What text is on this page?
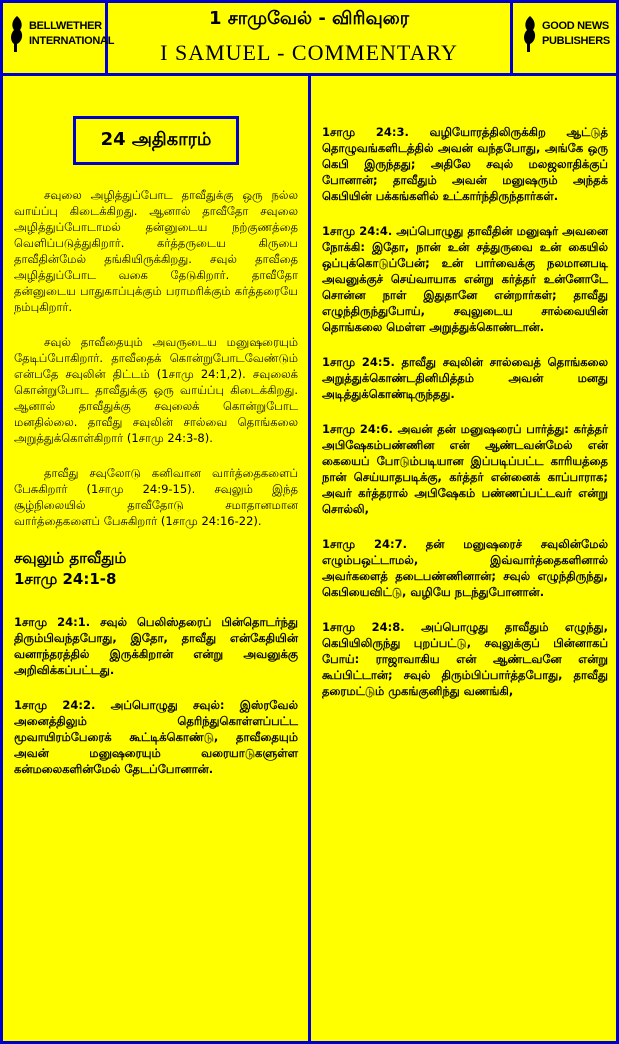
BELLWETHER
INTERNATIONAL
1 சாமுவேல் - விரிவுரை
I SAMUEL - COMMENTARY
GOOD NEWS
PUBLISHERS
24 அதிகாரம்

சவுலை அழித்துப்போட தாவீதுக்கு ஒரு நல்ல வாய்ப்பு கிடைக்கிறது. ஆனால் தாவீதோ சவுலை அழித்துப்போடாமல் தன்னுடைய நற்குணத்தை வெளிப்படுத்துகிறார். கர்த்தருடைய கிருபை தாவீதின்மேல் தங்கியிருக்கிறது. சவுல் தாவீதை அழித்துப்போட வகை தேடுகிறார். தாவீதோ தன்னுடைய பாதுகாப்புக்கும் பராமரிக்கும் கர்த்தரையே நம்புகிறார்.

சவுல் தாவீதையும் அவருடைய மனுஷரையும் தேடிப்போகிறார். தாவீதைக் கொன்றுபோடவேண்டும் என்பதே சவுலின் திட்டம் (1சாமு 24:1,2). சவுலைக் கொன்றுபோட தாவீதுக்கு ஒரு வாய்ப்பு கிடைக்கிறது. ஆனால் தாவீதுக்கு சவுலைக் கொன்றுபோட மனதில்லை. தாவீது சவுலின் சால்வை தொங்கலை அறுத்துக்கொள்கிறார் (1சாமு 24:3-8).

தாவீது சவுலோடு கனிவான வார்த்தைகளைப் பேசுகிறார் (1சாமு 24:9-15). சவுலும் இந்த சூழ்நிலையில் தாவீதோடு சமாதானமான வார்த்தைகளைப் பேசுகிறார் (1சாமு 24:16-22).

சவுலும் தாவீதும்
1சாமு 24:1-8

1சாமு 24:1. சவுல் பெலிஸ்தரைப் பின்தொடர்ந்து திரும்பிவந்தபோது, இதோ, தாவீது என்கேதியின் வனாந்தரத்தில் இருக்கிறான் என்று அவனுக்கு அறிவிக்கப்பட்டது.

1சாமு 24:2. அப்பொழுது சவுல்: இஸ்ரவேல் அனைத்திலும் தெரிந்துகொள்ளப்பட்ட மூவாயிரம்பேரைக் கூட்டிக்கொண்டு, தாவீதையும் அவன் மனுஷரையும் வரையாடுகளுள்ள கன்மலைகளின்மேல் தேடப்போனான்.

1சாமு 24:3. வழியோரத்திலிருக்கிற ஆட்டுத் தொழுவங்களிடத்தில் அவன் வந்தபோது, அங்கே ஒரு கெபி இருந்தது; அதிலே சவுல் மலஜலாதிக்குப் போனான்; தாவீதும் அவன் மனுஷரும் அந்தக் கெபியின் பக்கங்களில் உட்கார்ந்திருந்தார்கள்.

1சாமு 24:4. அப்பொழுது தாவீதின் மனுஷர் அவனை நோக்கி: இதோ, நான் உன் சத்துருவை உன் கையில் ஒப்புக்கொடுப்பேன்; உன் பார்வைக்கு நலமானபடி அவனுக்குச் செய்வாயாக என்று கர்த்தர் உன்னோடே சொன்ன நாள் இதுதானே என்றார்கள்; தாவீது எழுந்திருந்துபோய், சவுலுடைய சால்வையின் தொங்கலை மெள்ள அறுத்துக்கொண்டான்.

1சாமு 24:5. தாவீது சவுலின் சால்வைத் தொங்கலை அறுத்துக்கொண்டதினிமித்தம் அவன் மனது அடித்துக்கொண்டிருந்தது.

1சாமு 24:6. அவன் தன் மனுஷரைப் பார்த்து: கர்த்தர் அபிஷேகம்பண்ணின என் ஆண்டவன்மேல் என் கையைப் போடும்படியான இப்படிப்பட்ட காரியத்தை நான் செய்யாதபடிக்கு, கர்த்தர் என்னைக் காப்பாராக; அவர் கர்த்தரால் அபிஷேகம் பண்ணப்பட்டவர் என்று சொல்லி,

1சாமு 24:7. தன் மனுஷரைச் சவுலின்மேல் எழும்பஒட்டாமல், இவ்வார்த்தைகளினால் அவர்களைத் தடைபண்ணினான்; சவுல் எழுந்திருந்து, கெபியைவிட்டு, வழியே நடந்துபோனான்.

1சாமு 24:8. அப்பொழுது தாவீதும் எழுந்து, கெபியிலிருந்து புறப்பட்டு, சவுலுக்குப் பின்னாகப் போய்: ராஜாவாகிய என் ஆண்டவனே என்று கூப்பிட்டான்; சவுல் திரும்பிப்பார்த்தபோது, தாவீது தரைமட்டும் முகங்குனிந்து வணங்கி,
